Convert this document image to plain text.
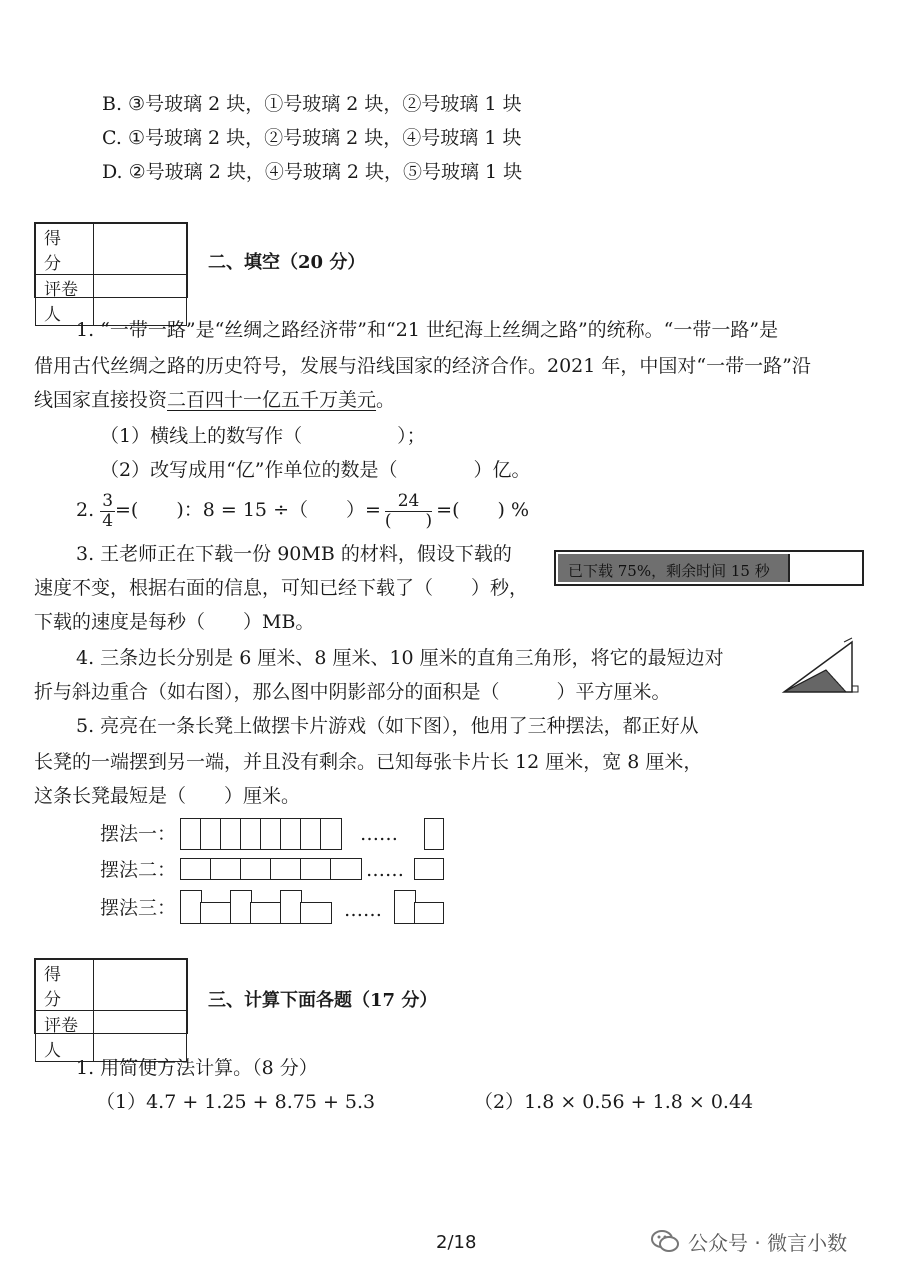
B. ③号玻璃 2 块，①号玻璃 2 块，②号玻璃 1 块
C. ①号玻璃 2 块，②号玻璃 2 块，④号玻璃 1 块
D. ②号玻璃 2 块，④号玻璃 2 块，⑤号玻璃 1 块
得　分	
评卷人	
二、填空（20 分）
1. “一带一路”是“丝绸之路经济带”和“21 世纪海上丝绸之路”的统称。“一带一路”是
借用古代丝绸之路的历史符号，发展与沿线国家的经济合作。2021 年，中国对“一带一路”沿
线国家直接投资二百四十一亿五千万美元。
（1）横线上的数写作（　　　　　）；
（2）改写成用“亿”作单位的数是（　　　　）亿。
2. $\frac{3}{4}$ =(　　)：8 = 15 ÷（　　）= $\frac{24}{( )}$ =(　　) %
3. 王老师正在下载一份 90MB 的材料，假设下载的
速度不变，根据右面的信息，可知已经下载了（　　）秒，
下载的速度是每秒（　　）MB。
已下载 75%，剩余时间 15 秒
4. 三条边长分别是 6 厘米、8 厘米、10 厘米的直角三角形，将它的最短边对
折与斜边重合（如右图），那么图中阴影部分的面积是（　　　）平方厘米。
5. 亮亮在一条长凳上做摆卡片游戏（如下图），他用了三种摆法，都正好从
长凳的一端摆到另一端，并且没有剩余。已知每张卡片长 12 厘米，宽 8 厘米，
这条长凳最短是（　　）厘米。
摆法一：	……
摆法二：	……
摆法三：	……
得　分	
评卷人	
三、计算下面各题（17 分）
1. 用简便方法计算。（8 分）
（1）4.7 + 1.25 + 8.75 + 5.3	（2）1.8 × 0.56 + 1.8 × 0.44
2/18	公众号 · 微言小数
